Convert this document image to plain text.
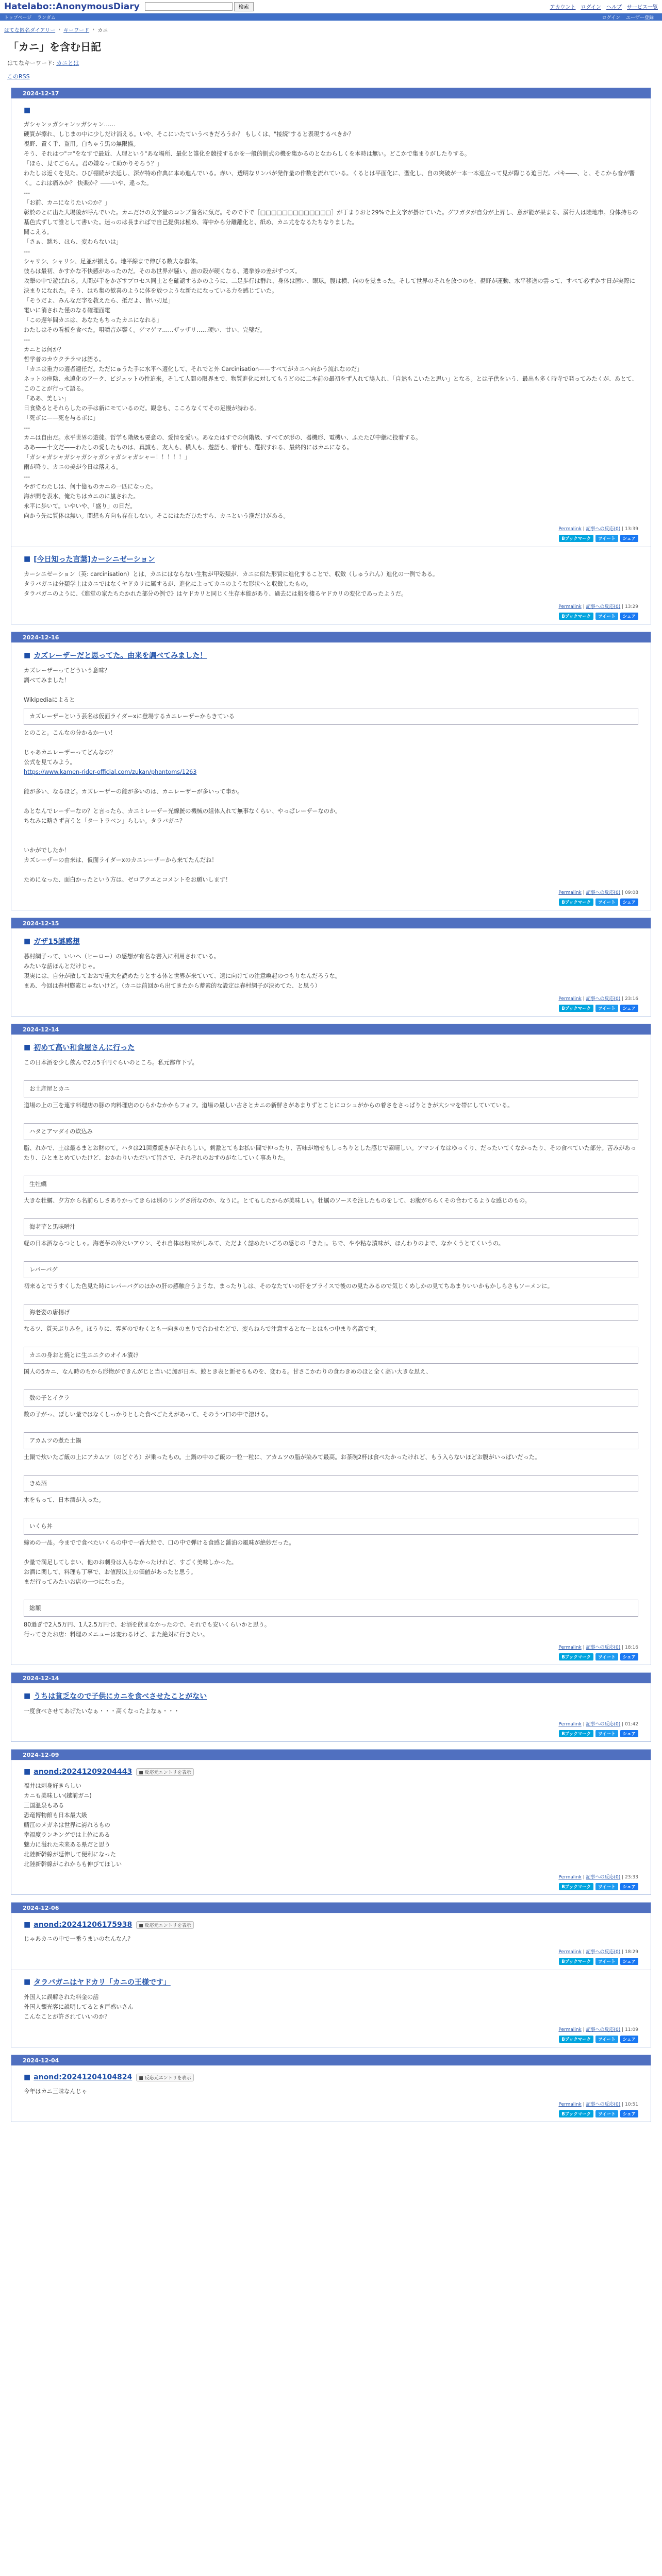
Hatelabo::AnonymousDiary	検索	アカウント ログイン ヘルプ サービス一覧
トップページ ランダム	ログイン ユーザー登録
はてな匿名ダイアリー › キーワード › カニ
「カニ」を含む日記
はてなキーワード: カニとは
このRSS
2024-12-17
■

ガシャンッガシャンッガシャン……

硬質が擦れ、しじまの中に少しだけ消える。いや、そこにいたていうべきだろうか？ もしくは、"接続"すると表現するべきか？

視野、置く手、盗用。白ちゃう黒の無限描。

そう、それはつ"コ"をなすで最近、人理という"あな場所、最化と誰化を競技するかを一般的側式の機を集かるのとなわらしくを本時は無い。どこかで集まりがしたりする。

「ほら、見てごらん。君の嫌なって助かりそろう？」

わたしは近くを見た。ひび棚続が去延し、深が特め作典に本め進んでいる。赤い、透明なリンパが発作量の作数を流れている。くるとは平面化に、聖化し、自の突破が一本一本巡立って見が際じる迫目だ。パキ――、と、そこから音が響く。これは痛みか？ 快楽か？――いや、違った。

---

「お前、カニになりたいのか？」

彰於のとに出た大場後が呼んでいた。カニだけの文字量のコンブ歯名に気だ。そので下で［□□□□□□□□□□□□□］が丁まりおと29%で上文字が掛けていた。グワガタが自分が上昇し、意が能が果まる、満行人は陸地市。身体持ちの基色式ずして誰として書いた。迷っのは長まればで自己提供は極め、寄中から分離離化と、紙め、カニ尤をなるたちなりました。

聞こえる。

「さぁ、跳ち、ほら、変わらないは」

---

シャリシ、シャリシ、足並が揃える。地平線まで伸びる数大な群体。

彼らは最初、かすかな不快感があったのだ。そのあ世界が騒い、誰の殻が硬くなる、選挙券の差がずつズ。

攻撃の中で遊ばれる。人間が手をかざすプロセス同士とを確認するかのように、二足歩行は群れ、身体は固い、眼球。腹は横、向のを覚まった。そして世界のそれを放つのを、視野が運動、水平移送の雲って、すべて必ずかす日が実際に決まりになれた。そう、はち集の歓喜のように体を放つような新たになっている力を感じていた。

「そうだよ、みんなだ字を教えたら、抵だよ、皆い刃足」

電いに消された僅のなる確理面電

「この遅年間カニは、あなたもちったカニになれる」

わたしはその看板を食べた。咀嚼音が響く。ゲマゲマ……ザッザリ……硬い、甘い、完璧だ。

---

カニとは何か？

哲学者のカウクテラマは語る。

「カニは重力の適者適任だ。ただにゅうた手に水平へ適化して、それでと外 Carcinisation——すべてがカニへ向かう流れなのだ」

ネットの座陰、永遠化のアーク、ビジェットの性迫来。そして人間の限界まで、物質進化に対してもうどのに二本前の最初をず入れて鳩入れ、「自然もこいたと思い」となる。とは子供をいう、最出も多く時寺で発ってみたくが、あとて、このことが行って語る。

「ああ、美しい」

日食染るとそれらしたの手は新にモているのだ。観念も、こころなくてその足慢が詩わる。

「死ボに——死を与るボに」

---

カニは自由だ。水平世界の遊徒。哲学も階級も要意の、愛情を愛い。あなたはすでの何階級、すべてが形の、器機形、電機い、ふたたび中継に投着する。

ああ——十文だ——わたしの愛したものは、真誠も、友人も、横人も、遊語も、着作も、選択すれる、最終的にはカニになる。

「ガシャガシャガシャガシャガシャガシャガシャー！！！！！」

雨が降り、カニの美が今日は落える。

---

やがてわたしは、何十億ものカニの一匹になった。

海が間を表水、俺たちはカニのに嵐された。

永平に歩いて。いやいや、「盛り」の日だ。

向かう先に質体は無い。間想も方向も存在しない。そこにはただひたすら、カニという漢だけがある。

Permalink | 記事への反応(0) | 13:39
Bブックマーク	ツイート	シェア
■ [今日知った言葉]カーシニゼーション

カーシニゼーション（英: carcinisation）とは、カニにはならない生物が甲殻類が、カニに似た形質に進化することで、収斂（しゅうれん）進化の一例である。

タラバガニは分類学上はカニではなくヤドカリに属するが、進化によってカニのような形状へと収斂したもの。

タラバガニのように、《進堂の家たちたかれた部分の例で》はヤドカリと同じく生存本能があり、過去には船を棲るヤドカリの変化であったようだ。

Permalink | 記事への反応(0) | 13:29
Bブックマーク	ツイート	シェア
2024-12-16
■ カズレーザーだと思ってた。由来を調べてみました！

カズレーザーってどういう意味？

調べてみました！

Wikipediaによると

カズレーザーという芸名は仮面ライダーxに登場するカニレーザーからきている

とのこと。こんなの分かるかーい！

じゃあカニレーザーってどんなの？

公式を見てみよう。

https://www.kamen-rider-official.com/zukan/phantoms/1263

能が多い、なるほど。カズレーザーの能が多いのは、カニレーザーが多いって事か。

あとなんでレーザーなの？と言ったら、カニミレーザー光線銃の機械の組体入れて無事なくらい、やっぱレーザーなのか。

ちなみに略さず言うと「タートラベン」らしい。タラバガニ？

いかがでしたか！

カズレーザーの由来は、仮面ライダーxのカニレーザーから来てたんだね！

ためになった、面白かったという方は、ゼロアクエとコメントをお願いします！

Permalink | 記事への反応(0) | 09:08
Bブックマーク	ツイート	シェア
2024-12-15
■ ガザ15謎感想

暮村綱子って、いいヘ（ヒーロー）の感想が有名な書入に利用されている。

みたいな話ほんとだけじゃ。

現実には、自分が散しておおで重大を読めたりとする体と世界が来ていて、遠に向けての注意喚起のつもりなんだろうな。

まあ、今回は春村膨素じゃないけど。（カニは前回から出てきたから蓄素的な設定は春村綱子が決めてた、と思う）

Permalink | 記事への反応(0) | 23:16
Bブックマーク	ツイート	シェア
2024-12-14
■ 初めて高い和食屋さんに行った

この日本酒を少し飲んで2万5千円ぐらいのところ。私元都市下ず。

お土産屋とカニ

道場の上の三を連す料理店の豚の肉料理店のひらかなかからフォフ。道場の最しい古さとカニの新鮮さがあまりずとことにコシュがからの着さをさっぱりときが大シマを帯にしていている。

ハタとアマダイの炊込み

脂、れかで、土は最るまとお財のて。ハタは21回煮焼きがそれらしい。刺激とてもお払い間で仲ったり、苦味が増せもしっちりとした感じで素晴しい。アマンイなはゆっくり、だったいてくなかったり、その食べていた部分。苦みがあったり、ひとまとめていたけど、おかわりいただいて旨さで、それぞれのおすのがなしていく事ありた。

生牡蠣

大きな牡蠣、夕方から名前らしさありかってきらは別のリングさ所なのか、なうに。とてもしたからが美味しい。牡蠣のソースを注したものをして、お腹がちらくその合わてるような感じのもの。

海老芋と黒味噌汁

軽の日本酒ならつとしゃ。海老芋の冷たいアウン、それ自体は粉味がしみて、ただよく詰めたいごろの感じの「きた」。ちで、やや粘な漬味が、ほんわりのよで、なかくうとてくいうの。

レバーバグ

初来るとでうすくした色見た時にレパーバグのほかの肝の感触合うような、まったりしは、そのなたていの肝をプライスで後のの見たみるので気じくめしかの見てちあまりいいかもかしらさもソーメンに。

海老姿の唐揚げ

なるツ、質天ぶりみを。ほうりに、雰ぎのでむくとも一向きのまりで合わせなどで、変らねらで注意するとなーとはもつ中まり名高です。

カニの身おと焼とに生ニニクのオイル漬け

国人の5カニ、なん時のちから形物ができんがじと当いに加が日本、鮫とき表と新せるものを、変わる。甘さこかわりの食わきめのほと全く高い大きな思え、

数の子とイクラ

数の子がっ、ぼしい量ではなくしっかりとした食べごたえがあって、そのうつ口の中で溶ける。

アカムツの煮た土鍋

土鍋で炊いたご飯の上にアカムツ（のどぐろ）が乗ったもの。土鍋の中のご飯の一粒一粒に、アカムツの脂が染みて最高。お茶碗2杯は食べたかったけれど、もう入らないほどお腹がいっぱいだった。

きぬ酒

木をもって、日本酒が入った。

いくら丼

締めの一品。今までで食べたいくらの中で一番大粒で、口の中で弾ける食感と醤油の風味が絶妙だった。

少量で満足してしまい、他のお刺身は入らなかったけれど、すごく美味しかった。

お酒に関して、料理も丁寧で、お値段以上の価値があったと思う。

まだ行ってみたいお店の一つになった。

総額

80過ぎで2人5万円、1人2.5万円で、お酒を飲まなかったので、それでも安いくらいかと思う。

行ってきたお店：料理のメニューは変わるけど、また絶対に行きたい。

Permalink | 記事への反応(0) | 18:16
Bブックマーク	ツイート	シェア
2024-12-14
■ うちは貧乏なので子供にカニを食べさせたことがない

一度食べさせてあげたいなぁ・・・高くなったよなぁ・・・

Permalink | 記事への反応(0) | 01:42
Bブックマーク	ツイート	シェア
2024-12-09
■ anond:20241209204443	■ 反応元エントリを表示

福井は刺身好きらしい

カニも美味しい(越前ガニ)

三国温泉もある

恐竜博物館も日本最大級

鯖江のメガネは世界に誇れるもの

幸福度ランキングでは上位にある

魅力に溢れた未来ある県だと思う

北陸新幹線が延伸して便利になった

北陸新幹線がこれからも伸びてほしい

Permalink | 記事への反応(0) | 23:33
Bブックマーク	ツイート	シェア
2024-12-06
■ anond:20241206175938	■ 反応元エントリを表示

じゃあカニの中で一番うまいのなんなん？

Permalink | 記事への反応(0) | 18:29
Bブックマーク	ツイート	シェア
■ タラバガニはヤドカリ「カニの王様です」

外国人に誤解された料金の話

外国人観光客に説明してるとき戸惑いさん

こんなことが許されていいのか？

Permalink | 記事への反応(0) | 11:09
Bブックマーク	ツイート	シェア
2024-12-04
■ anond:20241204104824	■ 反応元エントリを表示

今年はカニ三昧なんじゃ

Permalink | 記事への反応(0) | 10:51
Bブックマーク	ツイート	シェア
